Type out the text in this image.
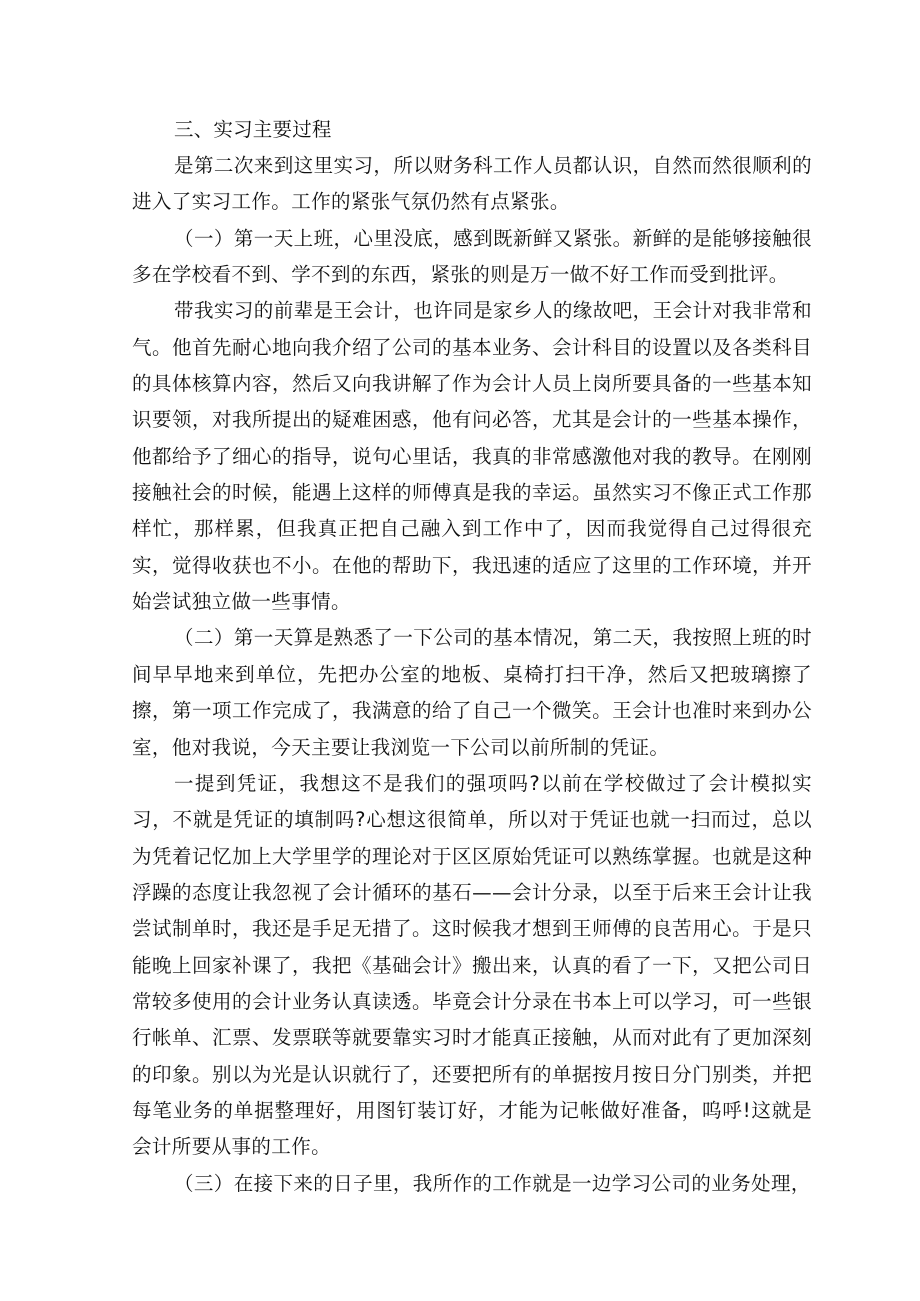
三、实习主要过程

是第二次来到这里实习，所以财务科工作人员都认识，自然而然很顺利的进入了实习工作。工作的紧张气氛仍然有点紧张。

（一）第一天上班，心里没底，感到既新鲜又紧张。新鲜的是能够接触很多在学校看不到、学不到的东西，紧张的则是万一做不好工作而受到批评。

带我实习的前辈是王会计，也许同是家乡人的缘故吧，王会计对我非常和气。他首先耐心地向我介绍了公司的基本业务、会计科目的设置以及各类科目的具体核算内容，然后又向我讲解了作为会计人员上岗所要具备的一些基本知识要领，对我所提出的疑难困惑，他有问必答，尤其是会计的一些基本操作，他都给予了细心的指导，说句心里话，我真的非常感激他对我的教导。在刚刚接触社会的时候，能遇上这样的师傅真是我的幸运。虽然实习不像正式工作那样忙，那样累，但我真正把自己融入到工作中了，因而我觉得自己过得很充实，觉得收获也不小。在他的帮助下，我迅速的适应了这里的工作环境，并开始尝试独立做一些事情。

（二）第一天算是熟悉了一下公司的基本情况，第二天，我按照上班的时间早早地来到单位，先把办公室的地板、桌椅打扫干净，然后又把玻璃擦了擦，第一项工作完成了，我满意的给了自己一个微笑。王会计也准时来到办公室，他对我说，今天主要让我浏览一下公司以前所制的凭证。

一提到凭证，我想这不是我们的强项吗?以前在学校做过了会计模拟实习，不就是凭证的填制吗?心想这很简单，所以对于凭证也就一扫而过，总以为凭着记忆加上大学里学的理论对于区区原始凭证可以熟练掌握。也就是这种浮躁的态度让我忽视了会计循环的基石——会计分录，以至于后来王会计让我尝试制单时，我还是手足无措了。这时候我才想到王师傅的良苦用心。于是只能晚上回家补课了，我把《基础会计》搬出来，认真的看了一下，又把公司日常较多使用的会计业务认真读透。毕竟会计分录在书本上可以学习，可一些银行帐单、汇票、发票联等就要靠实习时才能真正接触，从而对此有了更加深刻的印象。别以为光是认识就行了，还要把所有的单据按月按日分门别类，并把每笔业务的单据整理好，用图钉装订好，才能为记帐做好准备，呜呼!这就是会计所要从事的工作。

（三）在接下来的日子里，我所作的工作就是一边学习公司的业务处理，
